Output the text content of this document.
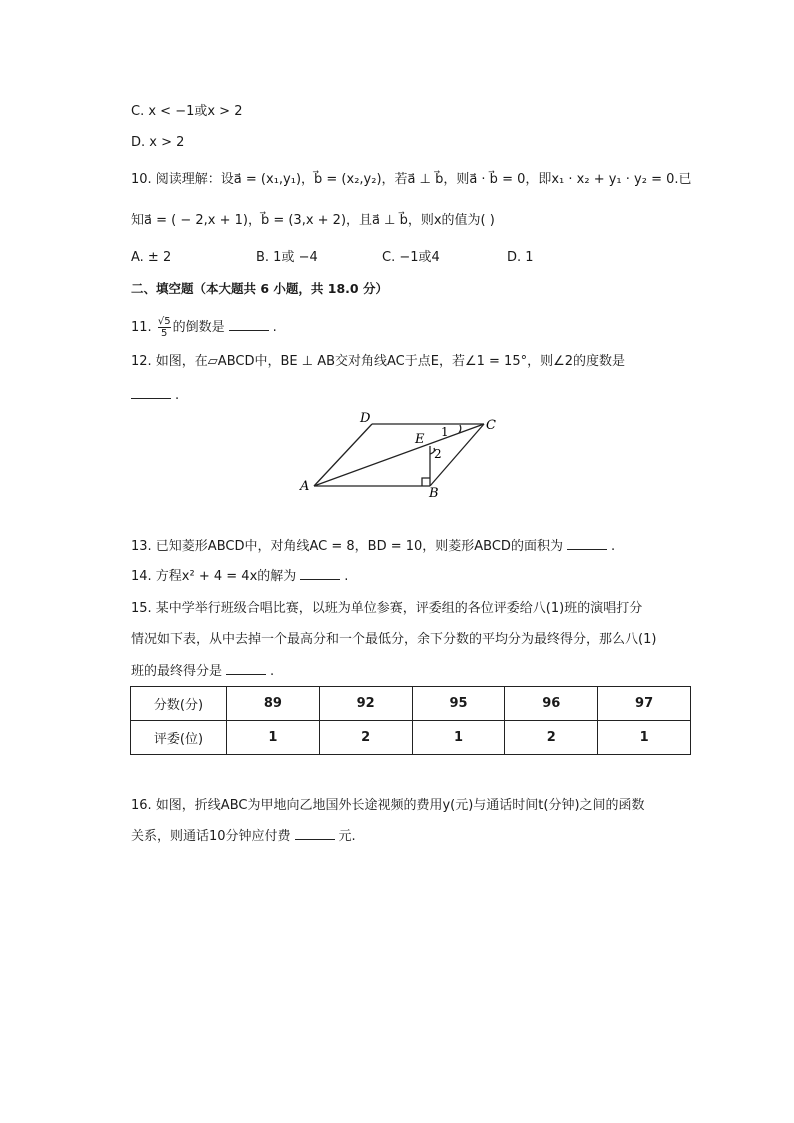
C. x < −1或x > 2
D. x > 2
10. 阅读理解：设a⃗ = (x₁,y₁)，b⃗ = (x₂,y₂)，若a⃗ ⊥ b⃗，则a⃗ · b⃗ = 0，即x₁ · x₂ + y₁ · y₂ = 0.已
知a⃗ = ( − 2,x + 1)，b⃗ = (3,x + 2)，且a⃗ ⊥ b⃗，则x的值为( )
A. ± 2	B. 1或 −4	C. −1或4	D. 1
二、填空题（本大题共 6 小题，共 18.0 分）
11. $\frac{√5}{5}$ 的倒数是	.
12. 如图，在▱ABCD中，BE ⊥ AB交对角线AC于点E，若∠1 = 15°，则∠2的度数是
.
D	C
E 1
2
A	B
13. 已知菱形ABCD中，对角线AC = 8，BD = 10，则菱形ABCD的面积为	.
14. 方程x² + 4 = 4x的解为	.
15. 某中学举行班级合唱比赛，以班为单位参赛，评委组的各位评委给八(1)班的演唱打分
情况如下表，从中去掉一个最高分和一个最低分，余下分数的平均分为最终得分，那么八(1)
班的最终得分是	.
分数(分)	89	92	95	96	97
评委(位)	1	2	1	2	1
16. 如图，折线ABC为甲地向乙地国外长途视频的费用y(元)与通话时间t(分钟)之间的函数
关系，则通话10分钟应付费	元.
